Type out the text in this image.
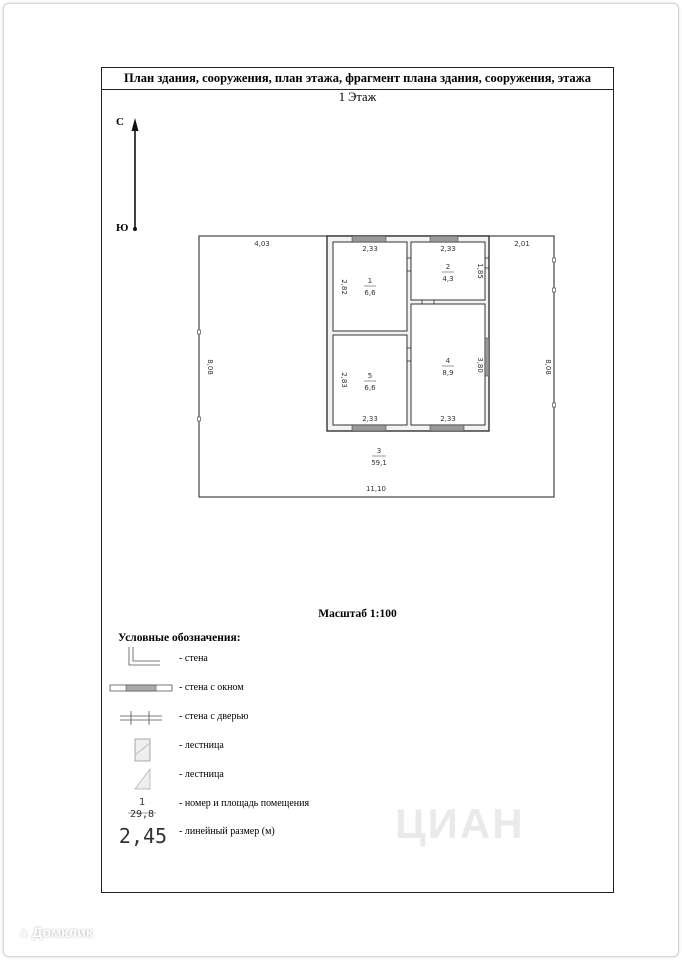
План здания, сооружения, план этажа, фрагмент плана здания, сооружения, этажа
1 Этаж
С
Ю
4,03	2,01
8,08	8,08
11,10
2,33
2,82	1
6,6
2,33
1,85
2
4,3
3,80
4
8,9
2,33
2,83	5
6,6
2,33
3
59,1
Масштаб 1:100
Условные обозначения:
- стена
- стена с окном
- стена с дверью
- лестница
- лестница
- номер и площадь помещения
- линейный размер (м)
1
29,8
2,45	ЦИАН
⌂ Домклик
